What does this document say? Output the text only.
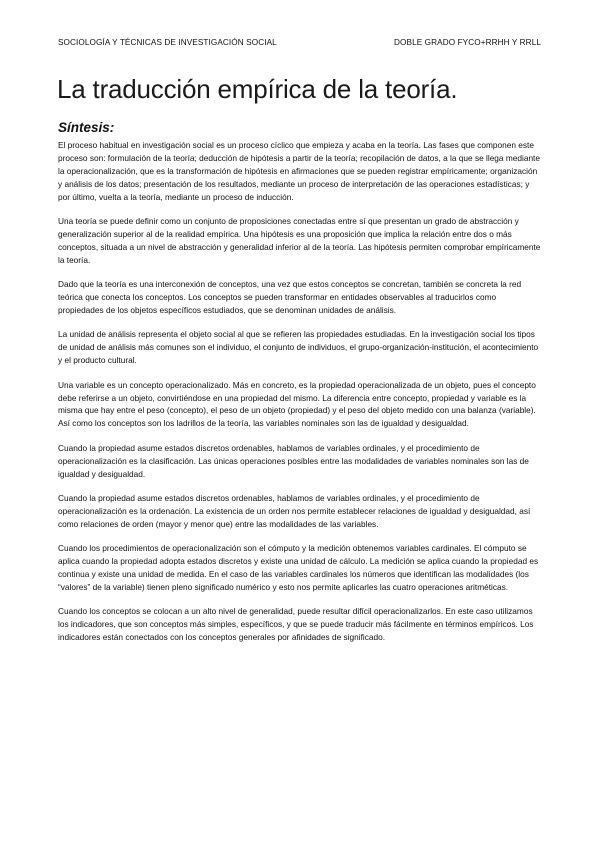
SOCIOLOGÍA Y TÉCNICAS DE INVESTIGACIÓN SOCIAL	DOBLE GRADO FYCO+RRHH Y RRLL
La traducción empírica de la teoría.
Síntesis:

El proceso habitual en investigación social es un proceso cíclico que empieza y acaba en la teoría. Las fases que componen este proceso son: formulación de la teoría; deducción de hipótesis a partir de la teoría; recopilación de datos, a la que se llega mediante la operacionalización, que es la transformación de hipótesis en afirmaciones que se pueden registrar empíricamente; organización y análisis de los datos; presentación de los resultados, mediante un proceso de interpretación de las operaciones estadísticas; y por último, vuelta a la teoría, mediante un proceso de inducción.

Una teoría se puede definir como un conjunto de proposiciones conectadas entre sí que presentan un grado de abstracción y generalización superior al de la realidad empírica. Una hipótesis es una proposición que implica la relación entre dos o más conceptos, situada a un nivel de abstracción y generalidad inferior al de la teoría. Las hipótesis permiten comprobar empíricamente la teoría.

Dado que la teoría es una interconexión de conceptos, una vez que estos conceptos se concretan, también se concreta la red teórica que conecta los conceptos. Los conceptos se pueden transformar en entidades observables al traducirlos como propiedades de los objetos específicos estudiados, que se denominan unidades de análisis.

La unidad de análisis representa el objeto social al que se refieren las propiedades estudiadas. En la investigación social los tipos de unidad de análisis más comunes son el individuo, el conjunto de individuos, el grupo-organización-institución, el acontecimiento y el producto cultural.

Una variable es un concepto operacionalizado. Más en concreto, es la propiedad operacionalizada de un objeto, pues el concepto debe referirse a un objeto, convirtiéndose en una propiedad del mismo. La diferencia entre concepto, propiedad y variable es la misma que hay entre el peso (concepto), el peso de un objeto (propiedad) y el peso del objeto medido con una balanza (variable). Así como los conceptos son los ladrillos de la teoría, las variables nominales son las de igualdad y desigualdad.

Cuando la propiedad asume estados discretos ordenables, hablamos de variables ordinales, y el procedimiento de operacionalización es la clasificación. Las únicas operaciones posibles entre las modalidades de variables nominales son las de igualdad y desigualdad.

Cuando la propiedad asume estados discretos ordenables, hablamos de variables ordinales, y el procedimiento de operacionalización es la ordenación. La existencia de un orden nos permite establecer relaciones de igualdad y desigualdad, así como relaciones de orden (mayor y menor que) entre las modalidades de las variables.

Cuando los procedimientos de operacionalización son el cómputo y la medición obtenemos variables cardinales. El cómputo se aplica cuando la propiedad adopta estados discretos y existe una unidad de cálculo. La medición se aplica cuando la propiedad es continua y existe una unidad de medida. En el caso de las variables cardinales los números que identifican las modalidades (los “valores” de la variable) tienen pleno significado numérico y esto nos permite aplicarles las cuatro operaciones aritméticas.

Cuando los conceptos se colocan a un alto nivel de generalidad, puede resultar difícil operacionalizarlos. En este caso utilizamos los indicadores, que son conceptos más simples, específicos, y que se puede traducir más fácilmente en términos empíricos. Los indicadores están conectados con los conceptos generales por afinidades de significado.
